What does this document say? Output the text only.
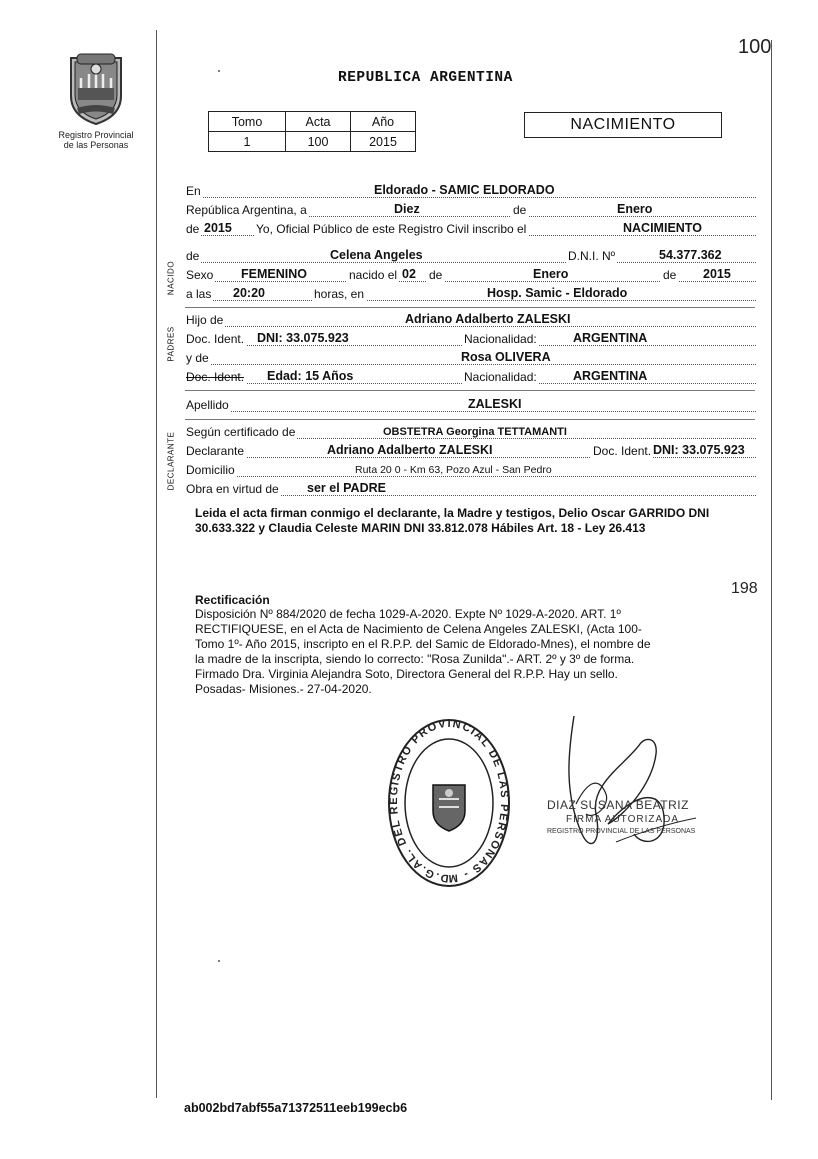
Registro Provincial
de las Personas
100
REPUBLICA ARGENTINA
Tomo	Acta	Año
1	100	2015
NACIMIENTO
En	Eldorado - SAMIC ELDORADO
República Argentina, a	Diez	de	Enero
de 2015 Yo, Oficial Público de este Registro Civil inscribo el	NACIMIENTO
NACIDO
de	Celena Angeles	D.N.I. Nº	54.377.362
Sexo FEMENINO	nacido el 02 de	Enero	de 2015
a las 20:20	horas, en	Hosp. Samic - Eldorado
PADRES
Hijo de	Adriano Adalberto ZALESKI
Doc. Ident. DNI: 33.075.923	Nacionalidad:	ARGENTINA
y de	Rosa OLIVERA
Doc. Ident. Edad: 15 Años	Nacionalidad:	ARGENTINA
Apellido	ZALESKI
DECLARANTE Según certificado de	OBSTETRA Georgina TETTAMANTI
Declarante	Adriano Adalberto ZALESKI	Doc. Ident. DNI: 33.075.923
Domicilio	Ruta 20 0 - Km 63, Pozo Azul - San Pedro
Obra en virtud de ser el PADRE
Leida el acta firman conmigo el declarante, la Madre y testigos, Delio Oscar GARRIDO DNI 30.633.322 y Claudia Celeste MARIN DNI 33.812.078 Hábiles Art. 18 - Ley 26.413
198
Rectificación
Disposición Nº 884/2020 de fecha 1029-A-2020. Expte Nº 1029-A-2020. ART. 1º
RECTIFIQUESE, en el Acta de Nacimiento de Celena Angeles ZALESKI, (Acta 100-
Tomo 1º- Año 2015, inscripto en el R.P.P. del Samic de Eldorado-Mnes), el nombre de
la madre de la inscripta, siendo lo correcto: "Rosa Zunilda".- ART. 2º y 3º de forma.
Firmado Dra. Virginia Alejandra Soto, Directora General del R.P.P. Hay un sello.
Posadas- Misiones.- 27-04-2020.
D.G.AL. DEL REGISTRO PROVINCIAL DE LAS PERSONAS - M
DIAZ SUSANA BEATRIZ
FIRMA AUTORIZADA
REGISTRO PROVINCIAL DE LAS PERSONAS
ab002bd7abf55a71372511eeb199ecb6
